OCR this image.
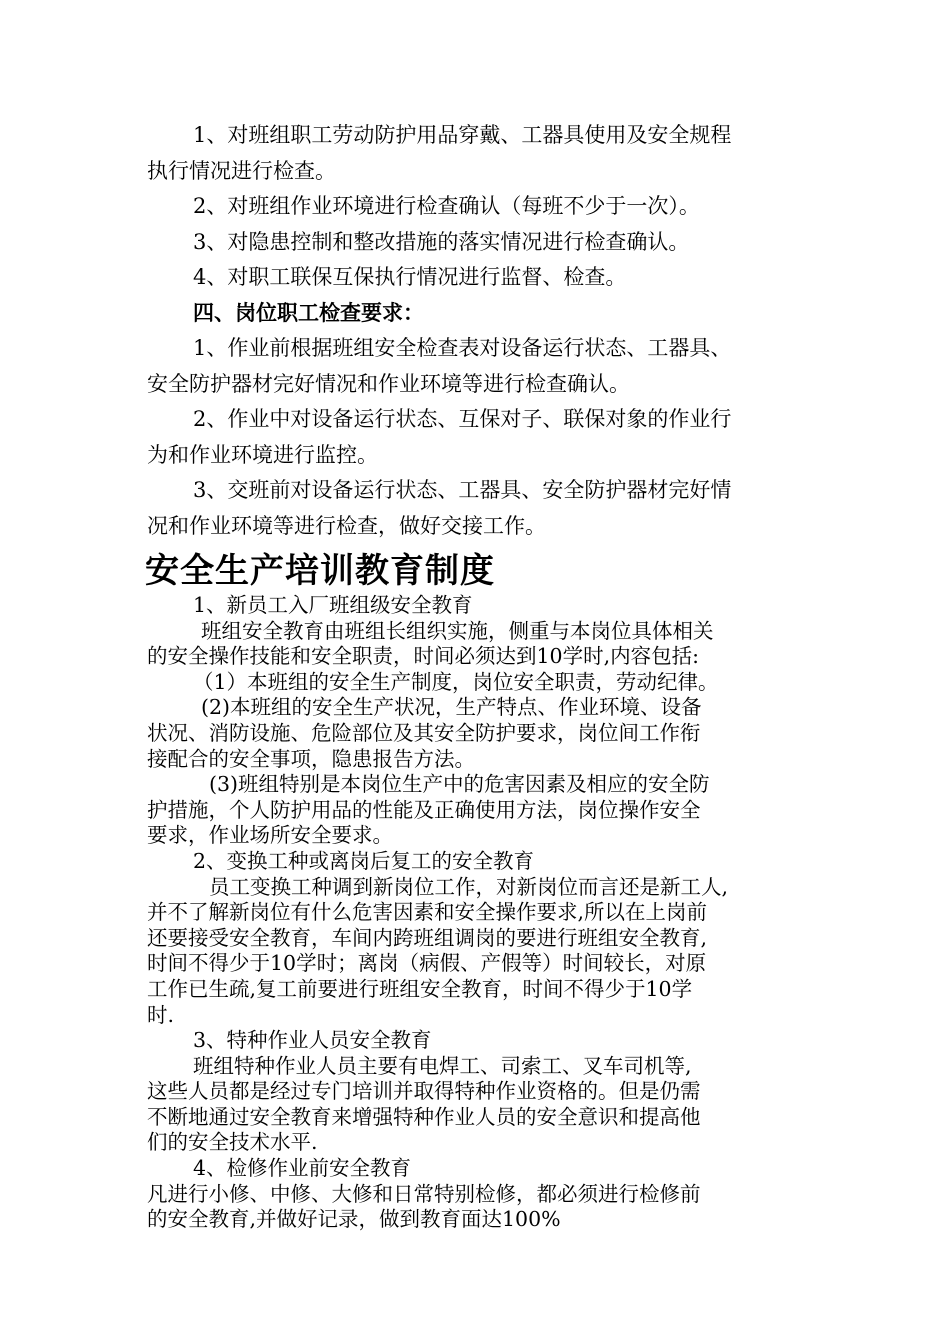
1、对班组职工劳动防护用品穿戴、工器具使用及安全规程

执行情况进行检查。

2、对班组作业环境进行检查确认（每班不少于一次）。

3、对隐患控制和整改措施的落实情况进行检查确认。

4、对职工联保互保执行情况进行监督、检查。

四、岗位职工检查要求：

1、作业前根据班组安全检查表对设备运行状态、工器具、

安全防护器材完好情况和作业环境等进行检查确认。

2、作业中对设备运行状态、互保对子、联保对象的作业行

为和作业环境进行监控。

3、交班前对设备运行状态、工器具、安全防护器材完好情

况和作业环境等进行检查，做好交接工作。

安全生产培训教育制度

1、新员工入厂班组级安全教育

班组安全教育由班组长组织实施，侧重与本岗位具体相关

的安全操作技能和安全职责，时间必须达到10学时,内容包括:

（1）本班组的安全生产制度，岗位安全职责，劳动纪律。

(2)本班组的安全生产状况，生产特点、作业环境、设备

状况、消防设施、危险部位及其安全防护要求，岗位间工作衔

接配合的安全事项，隐患报告方法。

(3)班组特别是本岗位生产中的危害因素及相应的安全防

护措施，个人防护用品的性能及正确使用方法，岗位操作安全

要求，作业场所安全要求。

2、变换工种或离岗后复工的安全教育

员工变换工种调到新岗位工作，对新岗位而言还是新工人,

并不了解新岗位有什么危害因素和安全操作要求,所以在上岗前

还要接受安全教育，车间内跨班组调岗的要进行班组安全教育,

时间不得少于10学时；离岗（病假、产假等）时间较长，对原

工作已生疏,复工前要进行班组安全教育，时间不得少于10学

时.

3、特种作业人员安全教育

班组特种作业人员主要有电焊工、司索工、叉车司机等,

这些人员都是经过专门培训并取得特种作业资格的。但是仍需

不断地通过安全教育来增强特种作业人员的安全意识和提高他

们的安全技术水平.

4、检修作业前安全教育

凡进行小修、中修、大修和日常特别检修，都必须进行检修前

的安全教育,并做好记录，做到教育面达100%
